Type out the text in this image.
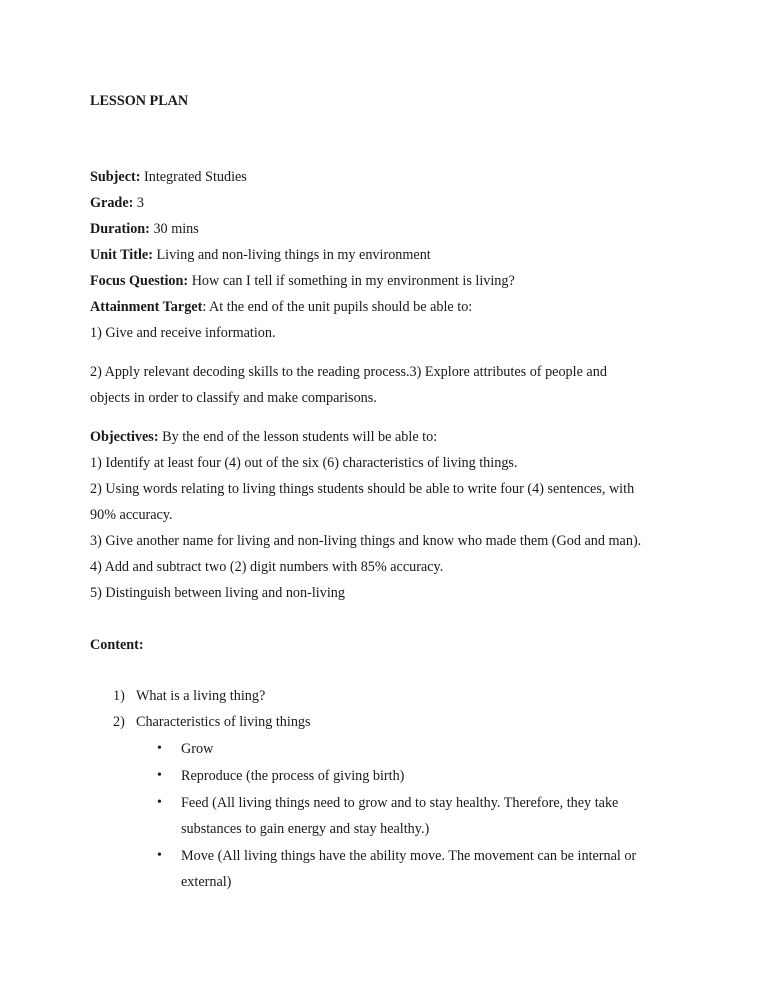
LESSON PLAN
Subject: Integrated Studies
Grade: 3
Duration: 30 mins
Unit Title: Living and non-living things in my environment
Focus Question: How can I tell if something in my environment is living?
Attainment Target: At the end of the unit pupils should be able to:
1) Give and receive information.
2) Apply relevant decoding skills to the reading process.3) Explore attributes of people and
objects in order to classify and make comparisons.
Objectives: By the end of the lesson students will be able to:
1) Identify at least four (4) out of the six (6) characteristics of living things.
2) Using words relating to living things students should be able to write four (4) sentences, with
90% accuracy.
3) Give another name for living and non-living things and know who made them (God and man).
4) Add and subtract two (2) digit numbers with 85% accuracy.
5) Distinguish between living and non-living
Content:
1) What is a living thing?
2) Characteristics of living things
•	Grow
•	Reproduce (the process of giving birth)
•	Feed (All living things need to grow and to stay healthy. Therefore, they take
substances to gain energy and stay healthy.)
•	Move (All living things have the ability move. The movement can be internal or
external)
